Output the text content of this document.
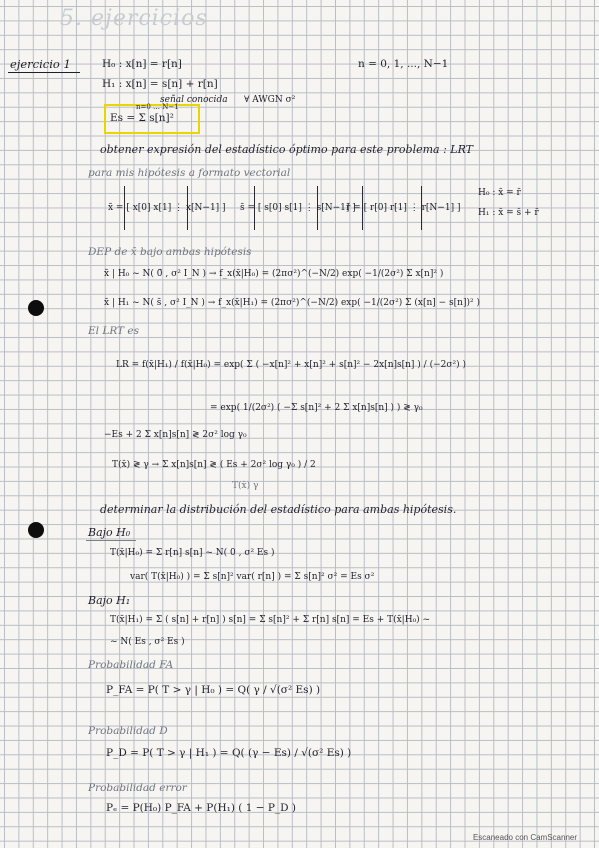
5. ejercicios
ejercicio 1	H₀ : x[n] = r[n]	n = 0, 1, ..., N−1
H₁ : x[n] = s[n] + r[n]
señal conocida ∀ AWGN σ²
Es = Σ s[n]²
n=0 … N−1
obtener expresión del estadístico óptimo para este problema : LRT
para mis hipótesis a formato vectorial
x̄ = [ x[0] x[1] ⋮ x[N−1] ] s̄ = [ s[0] s[1] ⋮ s[N−1] ]
r̄ = [ r[0] r[1] ⋮ r[N−1] ]
H₀ : x̄ = r̄
H₁ : x̄ = s̄ + r̄
DEP de x̄ bajo ambas hipótesis
x̄ | H₀ ~ N( 0̄ , σ² I_N ) → f_x(x̄|H₀) = (2πσ²)^(−N/2) exp( −1/(2σ²) Σ x[n]² )
x̄ | H₁ ~ N( s̄ , σ² I_N ) → f_x(x̄|H₁) = (2πσ²)^(−N/2) exp( −1/(2σ²) Σ (x[n] − s[n])² )
El LRT es
LR = f(x̄|H₁) / f(x̄|H₀) = exp( Σ ( −x[n]² + x[n]² + s[n]² − 2x[n]s[n] ) / (−2σ²) )
= exp( 1/(2σ²) ( −Σ s[n]² + 2 Σ x[n]s[n] ) ) ≷ γ₀
−Es + 2 Σ x[n]s[n] ≷ 2σ² log γ₀
T(x̄) ≷ γ → Σ x[n]s[n] ≷ ( Es + 2σ² log γ₀ ) / 2
T(x̄) γ
determinar la distribución del estadístico para ambas hipótesis.
Bajo H₀
T(x̄|H₀) = Σ r[n] s[n] ~ N( 0 , σ² Es )
var( T(x̄|H₀) ) = Σ s[n]² var( r[n] ) = Σ s[n]² σ² = Es σ²
Bajo H₁
T(x̄|H₁) = Σ ( s[n] + r[n] ) s[n] = Σ s[n]² + Σ r[n] s[n] = Es + T(x̄|H₀) ~
~ N( Es , σ² Es )
Probabilidad FA
P_FA = P( T > γ | H₀ ) = Q( γ / √(σ² Es) )
Probabilidad D
P_D = P( T > γ | H₁ ) = Q( (γ − Es) / √(σ² Es) )
Probabilidad error
Pₑ = P(H₀) P_FA + P(H₁) ( 1 − P_D )
Escaneado con CamScanner
